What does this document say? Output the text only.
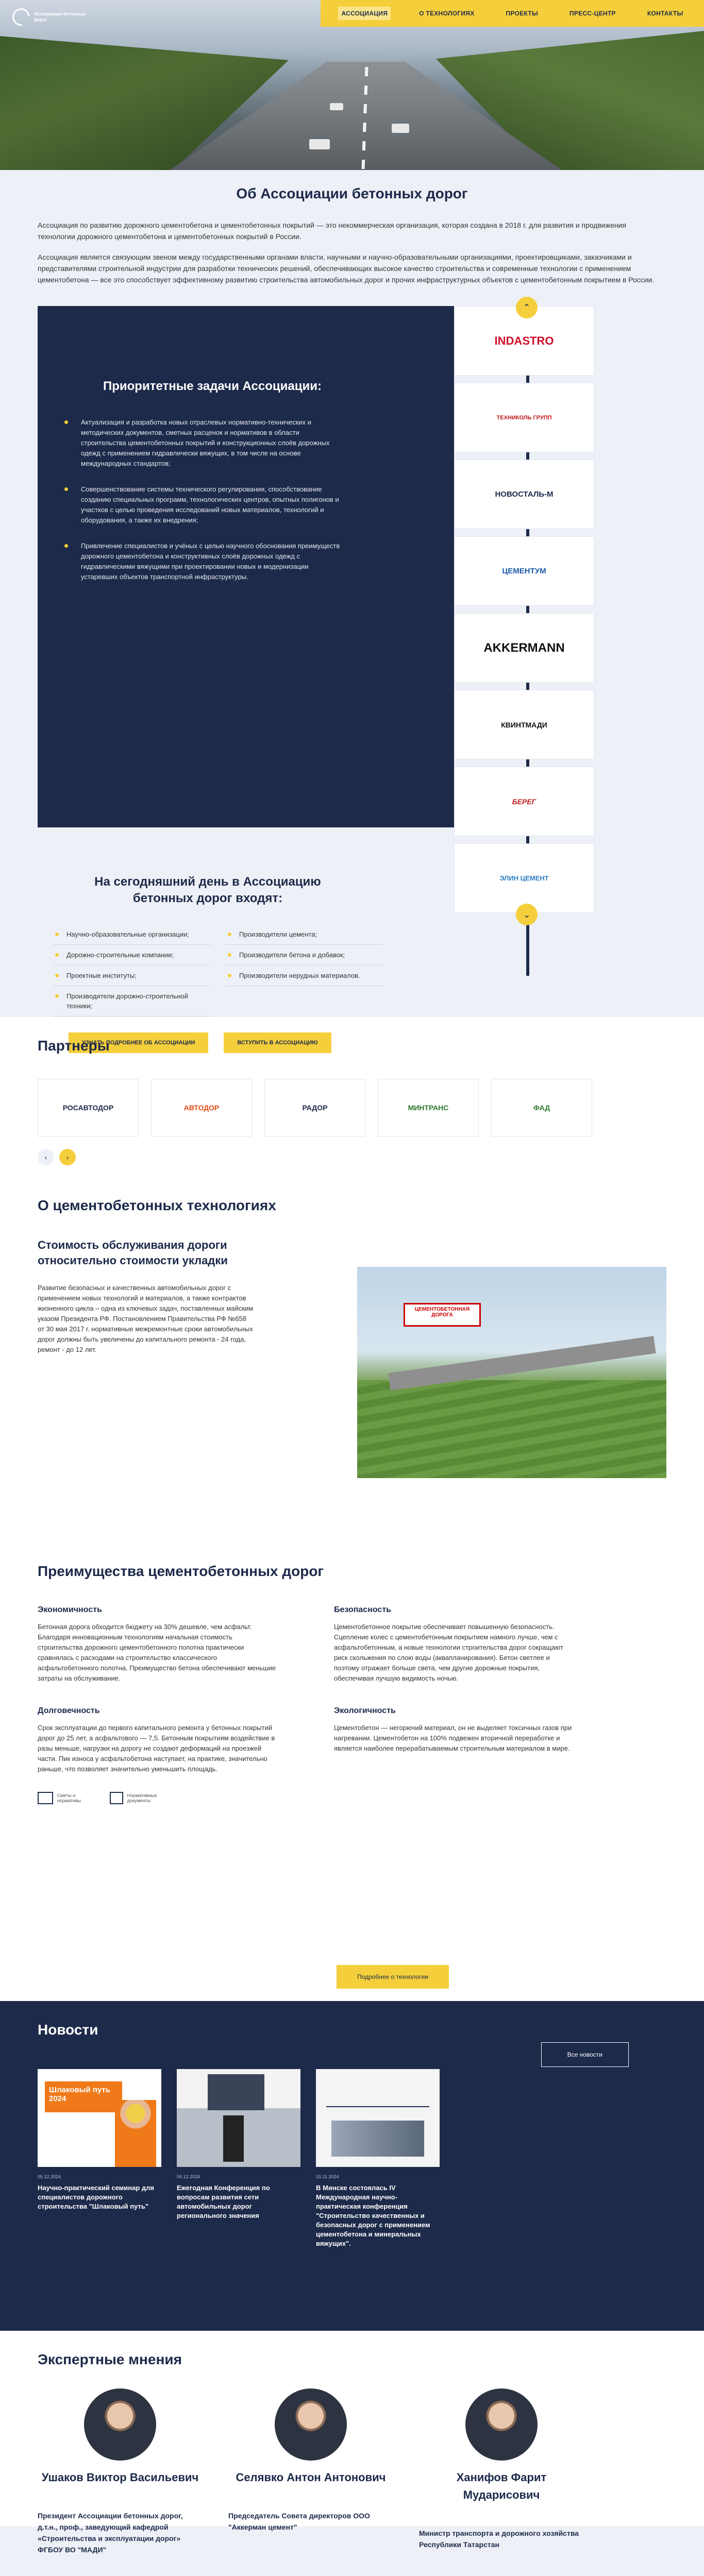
Ассоциация бетонных дорог
АССОЦИАЦИЯ	О ТЕХНОЛОГИЯХ	ПРОЕКТЫ	ПРЕСС-ЦЕНТР	КОНТАКТЫ
Об Ассоциации бетонных дорог

Ассоциация по развитию дорожного цементобетона и цементобетонных покрытий — это некоммерческая организация, которая создана в 2018 г. для развития и продвижения технологии дорожного цементобетона и цементобетонных покрытий в России.

Ассоциация является связующим звеном между государственными органами власти, научными и научно-образовательными организациями, проектировщиками, заказчиками и представителями строительной индустрии для разработки технических решений, обеспечивающих высокое качество строительства и современные технологии с применением цементобетона — все это способствует эффективному развитию строительства автомобильных дорог и прочих инфраструктурных объектов с цементобетонным покрытием в России.

Приоритетные задачи Ассоциации:
Актуализация и разработка новых отраслевых нормативно-технических и методических документов, сметных расценок и нормативов в области строительства цементобетонных покрытий и конструкционных слоёв дорожных одежд с применением гидравлически вяжущих, в том числе на основе международных стандартов;
Совершенствование системы технического регулирования, способствование созданию специальных программ, технологических центров, опытных полигонов и участков с целью проведения исследований новых материалов, технологий и оборудования, а также их внедрения;
Привлечение специалистов и учёных с целью научного обоснования преимуществ дорожного цементобетона и конструктивных слоёв дорожных одежд с гидравлическими вяжущими при проектировании новых и модернизации устаревших объектов транспортной инфраструктуры.
INDASTRO
ТЕХНИКОЛЬ ГРУПП
НОВОСТАЛЬ-М
ЦЕМЕНТУМ
AKKERMANN
КВИНТМАДИ
БЕРЕГ
ЭЛИН ЦЕМЕНТ
⌃
⌄
На сегодняшний день в Ассоциацию бетонных дорог входят:
Научно-образовательные организации;
Дорожно-строительные компании;
Проектные институты;
Производители дорожно-строительной техники;
Производители цемента;
Производители бетона и добавок;
Производители нерудных материалов.
УЗНАТЬ ПОДРОБНЕЕ ОБ АССОЦИАЦИИ	ВСТУПИТЬ В АССОЦИАЦИЮ
Партнеры
РОСАВТОДОР	АВТОДОР	РАДОР	МИНТРАНС	ФАД
‹	›
О цементобетонных технологиях
Стоимость обслуживания дороги относительно стоимости укладки

Развитие безопасных и качественных автомобильных дорог с применением новых технологий и материалов, а также контрактов жизненного цикла – одна из ключевых задач, поставленных майским указом Президента РФ. Постановлением Правительства РФ №658 от 30 мая 2017 г. нормативные межремонтные сроки автомобильных дорог должны быть увеличены до капитального ремонта - 24 года, ремонт - до 12 лет.

ЦЕМЕНТОБЕТОННАЯ ДОРОГА
Преимущества цементобетонных дорог
Экономичность

Бетонная дорога обходится бюджету на 30% дешевле, чем асфальт. Благодаря инновационным технологиям начальная стоимость строительства дорожного цементобетонного полотна практически сравнялась с расходами на строительство классического асфальтобетонного полотна. Преимущество бетона обеспечивают меньшие затраты на обслуживание.

Безопасность

Цементобетонное покрытие обеспечивает повышенную безопасность. Сцепление колес с цементобетонным покрытием намного лучше, чем с асфальтобетонным, а новые технологии строительства дорог сокращают риск скольжения по слою воды (аквапланирования). Бетон светлее и поэтому отражает больше света, чем другие дорожные покрытия, обеспечивая лучшую видимость ночью.

Долговечность

Срок эксплуатации до первого капитального ремонта у бетонных покрытий дорог до 25 лет, а асфальтового — 7,5. Бетонным покрытиям воздействие в разы меньше, нагрузки на дорогу не создают деформаций на проезжей части. Пик износа у асфальтобетона наступает, на практике, значительно раньше, что позволяет значительно уменьшить площадь.

Экологичность

Цементобетон — негорючий материал, он не выделяет токсичных газов при нагревании. Цементобетон на 100% подвежен вторичной переработке и является наиболее перерабатываемым строительным материалом в мире.

Сметы и нормативы
Нормативные документы
Подробнее о технологии
Новости
Все новости
Шлаковый путь 2024
05.12.2024
Научно-практический семинар для специалистов дорожного строительства "Шлаковый путь"
04.12.2024
Ежегодная Конференция по вопросам развития сети автомобильных дорог регионального значения
15.11.2024
В Минске состоялась IV Международная научно-практическая конференция "Строительство качественных и безопасных дорог с применением цементобетона и минеральных вяжущих".
Экспертные мнения
Ушаков Виктор Васильевич
Президент Ассоциации бетонных дорог, д.т.н., проф., заведующий кафедрой «Строительства и эксплуатации дорог» ФГБОУ ВО "МАДИ"
Селявко Антон Антонович
Председатель Совета директоров ООО "Аккерман цемент"
Ханифов Фарит Мударисович
Министр транспорта и дорожного хозяйства Республики Татарстан
